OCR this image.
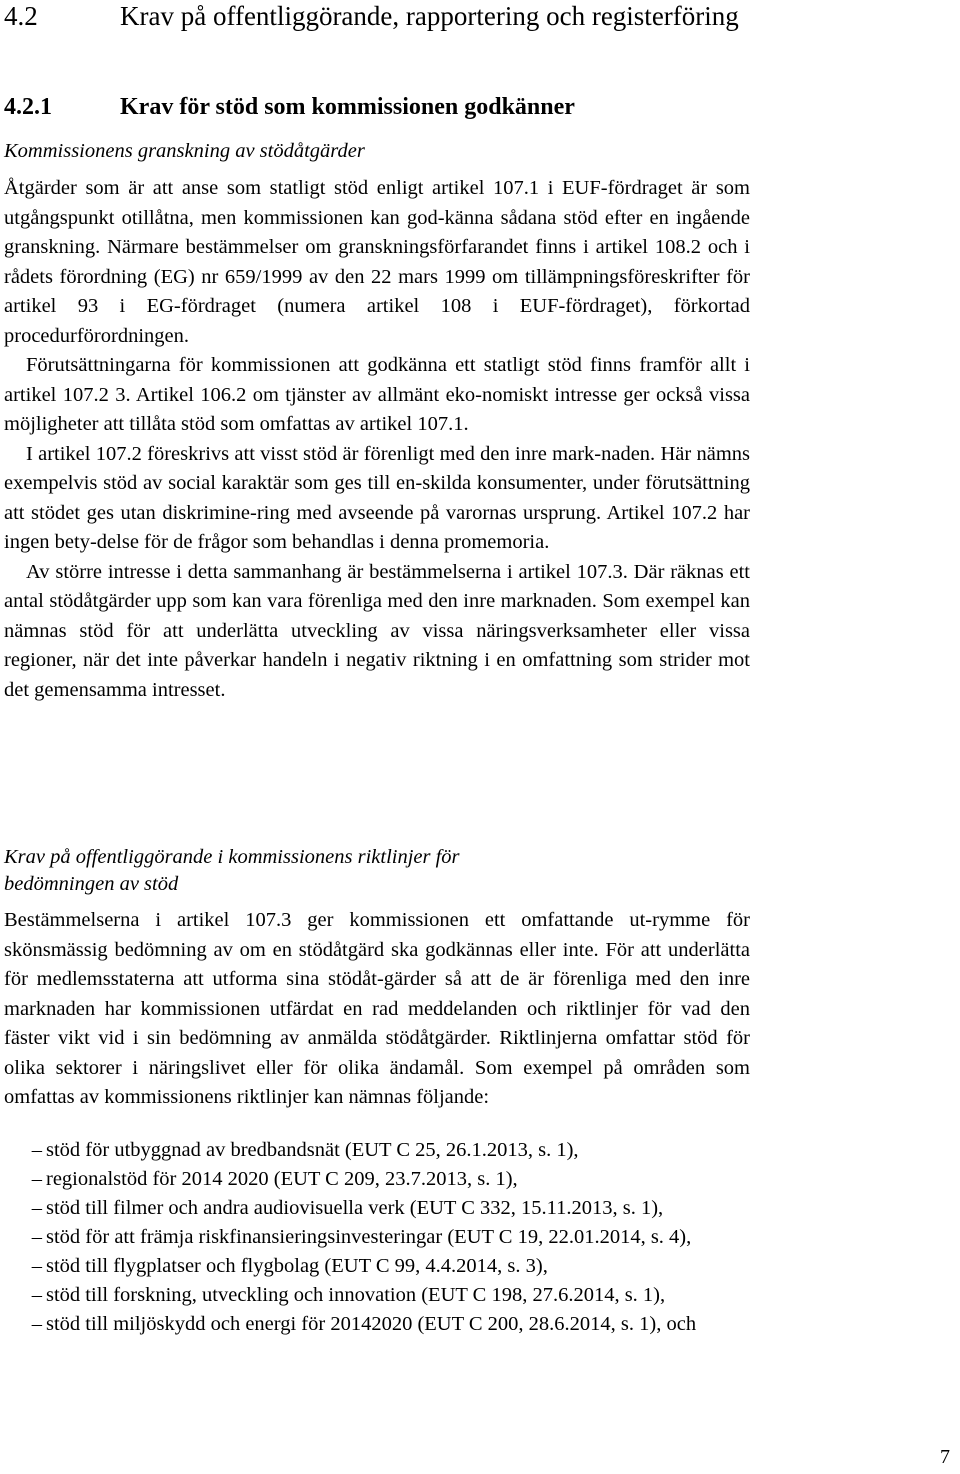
4.2	Krav på offentliggörande, rapportering och registerföring
4.2.1	Krav för stöd som kommissionen godkänner
Kommissionens granskning av stödåtgärder

Åtgärder som är att anse som statligt stöd enligt artikel 107.1 i EUF-fördraget är som utgångspunkt otillåtna, men kommissionen kan god-känna sådana stöd efter en ingående granskning. Närmare bestämmelser om granskningsförfarandet finns i artikel 108.2 och i rådets förordning (EG) nr 659/1999 av den 22 mars 1999 om tillämpningsföreskrifter för artikel 93 i EG-fördraget (numera artikel 108 i EUF-fördraget), förkortad procedurförordningen.

Förutsättningarna för kommissionen att godkänna ett statligt stöd finns framför allt i artikel 107.2 3. Artikel 106.2 om tjänster av allmänt eko-nomiskt intresse ger också vissa möjligheter att tillåta stöd som omfattas av artikel 107.1.

I artikel 107.2 föreskrivs att visst stöd är förenligt med den inre mark-naden. Här nämns exempelvis stöd av social karaktär som ges till en-skilda konsumenter, under förutsättning att stödet ges utan diskrimine-ring med avseende på varornas ursprung. Artikel 107.2 har ingen bety-delse för de frågor som behandlas i denna promemoria.

Av större intresse i detta sammanhang är bestämmelserna i artikel 107.3. Där räknas ett antal stödåtgärder upp som kan vara förenliga med den inre marknaden. Som exempel kan nämnas stöd för att underlätta utveckling av vissa näringsverksamheter eller vissa regioner, när det inte påverkar handeln i negativ riktning i en omfattning som strider mot det gemensamma intresset.

Krav på offentliggörande i kommissionens riktlinjer för
bedömningen av stöd

Bestämmelserna i artikel 107.3 ger kommissionen ett omfattande ut-rymme för skönsmässig bedömning av om en stödåtgärd ska godkännas eller inte. För att underlätta för medlemsstaterna att utforma sina stödåt-gärder så att de är förenliga med den inre marknaden har kommissionen utfärdat en rad meddelanden och riktlinjer för vad den fäster vikt vid i sin bedömning av anmälda stödåtgärder. Riktlinjerna omfattar stöd för olika sektorer i näringslivet eller för olika ändamål. Som exempel på områden som omfattas av kommissionens riktlinjer kan nämnas följande:

– stöd för utbyggnad av bredbandsnät (EUT C 25, 26.1.2013, s. 1),

– regionalstöd för 2014 2020 (EUT C 209, 23.7.2013, s. 1),

– stöd till filmer och andra audiovisuella verk (EUT C 332, 15.11.2013, s. 1),

– stöd för att främja riskfinansieringsinvesteringar (EUT C 19, 22.01.2014, s. 4),

– stöd till flygplatser och flygbolag (EUT C 99, 4.4.2014, s. 3),

– stöd till forskning, utveckling och innovation (EUT C 198, 27.6.2014, s. 1),

– stöd till miljöskydd och energi för 20142020 (EUT C 200, 28.6.2014, s. 1), och

7
